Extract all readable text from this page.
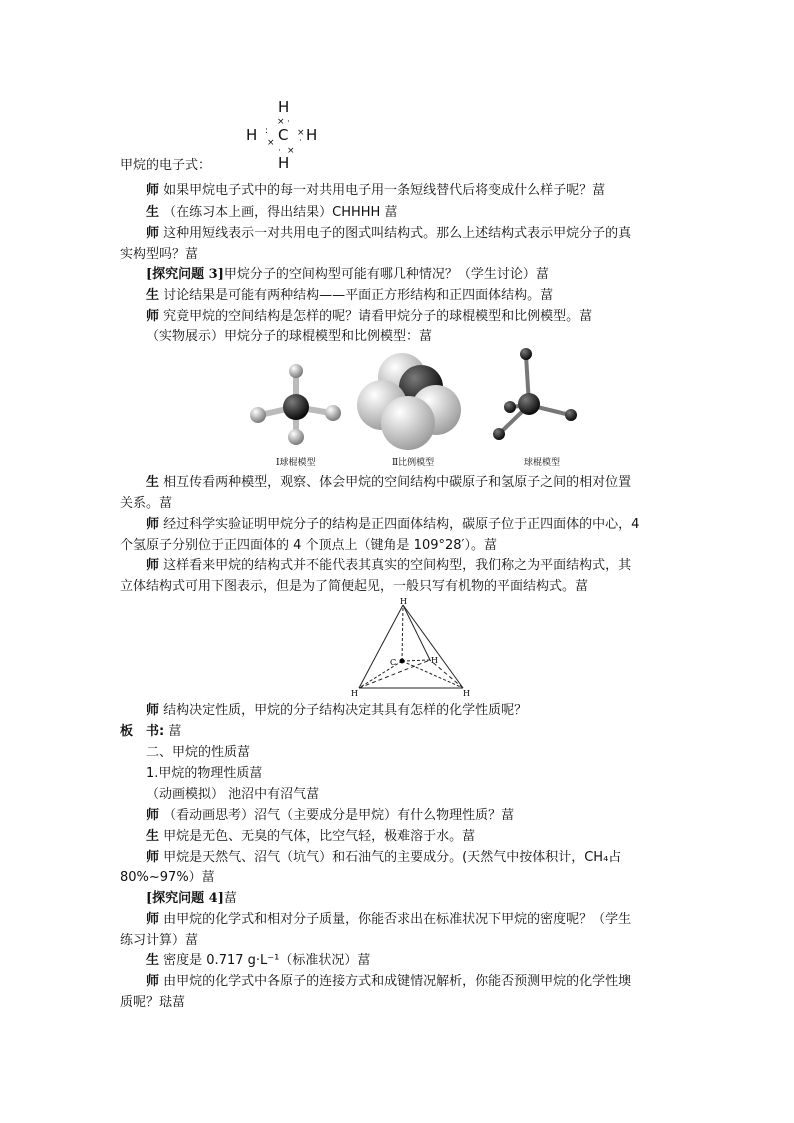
H
H C H
H
× ·
:
×
×
·
· ×
甲烷的电子式：
师 如果甲烷电子式中的每一对共用电子用一条短线替代后将变成什么样子呢？葍
生 （在练习本上画，得出结果）CHHHH 葍
师 这种用短线表示一对共用电子的图式叫结构式。那么上述结构式表示甲烷分子的真
实构型吗？葍
[探究问题 3]甲烷分子的空间构型可能有哪几种情况？（学生讨论）葍
生 讨论结果是可能有两种结构——平面正方形结构和正四面体结构。葍
师 究竟甲烷的空间结构是怎样的呢？请看甲烷分子的球棍模型和比例模型。葍
（实物展示）甲烷分子的球棍模型和比例模型：葍
Ⅰ球棍模型	Ⅱ比例模型	球棍模型
生 相互传看两种模型，观察、体会甲烷的空间结构中碳原子和氢原子之间的相对位置
关系。葍
师 经过科学实验证明甲烷分子的结构是正四面体结构，碳原子位于正四面体的中心，4
个氢原子分别位于正四面体的 4 个顶点上（键角是 109°28′）。葍
师 这样看来甲烷的结构式并不能代表其真实的空间构型，我们称之为平面结构式，其
立体结构式可用下图表示，但是为了简便起见，一般只写有机物的平面结构式。葍
H
C	H
H	H
师 结构决定性质，甲烷的分子结构决定其具有怎样的化学性质呢？
板　书: 葍
二、甲烷的性质葍
1.甲烷的物理性质葍
（动画模拟） 池沼中有沼气葍
师 （看动画思考）沼气（主要成分是甲烷）有什么物理性质？葍
生 甲烷是无色、无臭的气体，比空气轻，极难溶于水。葍
师 甲烷是天然气、沼气（坑气）和石油气的主要成分。(天然气中按体积计，CH₄占
80%~97%）葍
[探究问题 4]葍
师 由甲烷的化学式和相对分子质量，你能否求出在标准状况下甲烷的密度呢？（学生
练习计算）葍
生 密度是 0.717 g·L⁻¹（标准状况）葍
师 由甲烷的化学式中各原子的连接方式和成键情况解析，你能否预测甲烷的化学性墺
质呢？琺葍
